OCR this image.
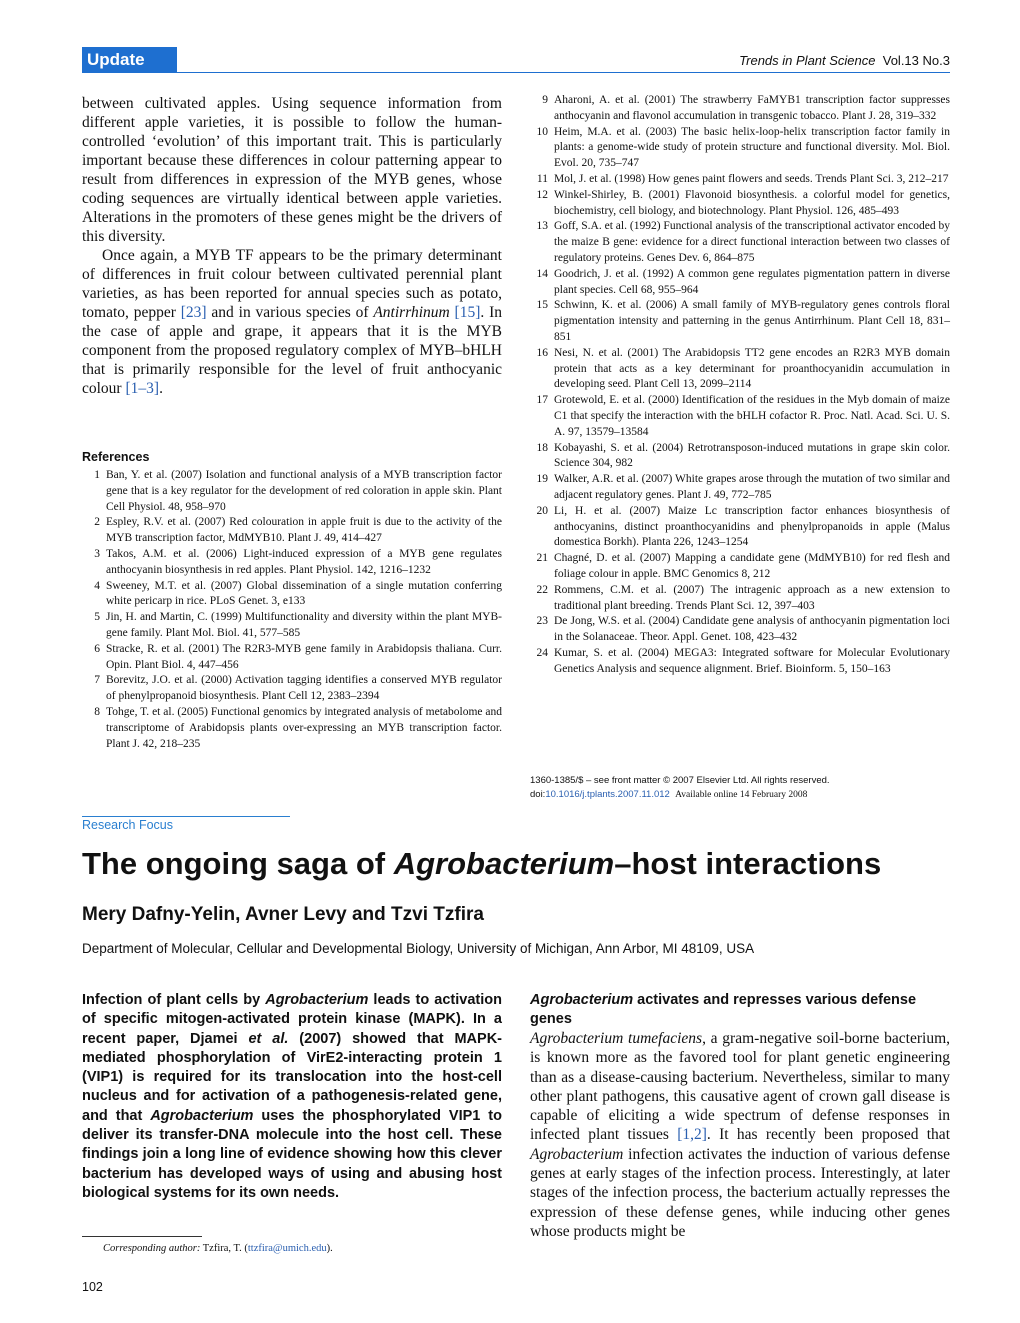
Update	Trends in Plant Science Vol.13 No.3

between cultivated apples. Using sequence information from different apple varieties, it is possible to follow the human-controlled ‘evolution’ of this important trait. This is particularly important because these differences in colour patterning appear to result from differences in expression of the MYB genes, whose coding sequences are virtually identical between apple varieties. Alterations in the promoters of these genes might be the drivers of this diversity.

Once again, a MYB TF appears to be the primary determinant of differences in fruit colour between cultivated perennial plant varieties, as has been reported for annual species such as potato, tomato, pepper [23] and in various species of Antirrhinum [15]. In the case of apple and grape, it appears that it is the MYB component from the proposed regulatory complex of MYB–bHLH that is primarily responsible for the level of fruit anthocyanic colour [1–3].

References
1 Ban, Y. et al. (2007) Isolation and functional analysis of a MYB transcription factor gene that is a key regulator for the development of red coloration in apple skin. Plant Cell Physiol. 48, 958–970
2 Espley, R.V. et al. (2007) Red colouration in apple fruit is due to the activity of the MYB transcription factor, MdMYB10. Plant J. 49, 414–427
3 Takos, A.M. et al. (2006) Light-induced expression of a MYB gene regulates anthocyanin biosynthesis in red apples. Plant Physiol. 142, 1216–1232
4 Sweeney, M.T. et al. (2007) Global dissemination of a single mutation conferring white pericarp in rice. PLoS Genet. 3, e133
5 Jin, H. and Martin, C. (1999) Multifunctionality and diversity within the plant MYB-gene family. Plant Mol. Biol. 41, 577–585
6 Stracke, R. et al. (2001) The R2R3-MYB gene family in Arabidopsis thaliana. Curr. Opin. Plant Biol. 4, 447–456
7 Borevitz, J.O. et al. (2000) Activation tagging identifies a conserved MYB regulator of phenylpropanoid biosynthesis. Plant Cell 12, 2383–2394
8 Tohge, T. et al. (2005) Functional genomics by integrated analysis of metabolome and transcriptome of Arabidopsis plants over-expressing an MYB transcription factor. Plant J. 42, 218–235
9 Aharoni, A. et al. (2001) The strawberry FaMYB1 transcription factor suppresses anthocyanin and flavonol accumulation in transgenic tobacco. Plant J. 28, 319–332
10 Heim, M.A. et al. (2003) The basic helix-loop-helix transcription factor family in plants: a genome-wide study of protein structure and functional diversity. Mol. Biol. Evol. 20, 735–747
11 Mol, J. et al. (1998) How genes paint flowers and seeds. Trends Plant Sci. 3, 212–217
12 Winkel-Shirley, B. (2001) Flavonoid biosynthesis. a colorful model for genetics, biochemistry, cell biology, and biotechnology. Plant Physiol. 126, 485–493
13 Goff, S.A. et al. (1992) Functional analysis of the transcriptional activator encoded by the maize B gene: evidence for a direct functional interaction between two classes of regulatory proteins. Genes Dev. 6, 864–875
14 Goodrich, J. et al. (1992) A common gene regulates pigmentation pattern in diverse plant species. Cell 68, 955–964
15 Schwinn, K. et al. (2006) A small family of MYB-regulatory genes controls floral pigmentation intensity and patterning in the genus Antirrhinum. Plant Cell 18, 831–851
16 Nesi, N. et al. (2001) The Arabidopsis TT2 gene encodes an R2R3 MYB domain protein that acts as a key determinant for proanthocyanidin accumulation in developing seed. Plant Cell 13, 2099–2114
17 Grotewold, E. et al. (2000) Identification of the residues in the Myb domain of maize C1 that specify the interaction with the bHLH cofactor R. Proc. Natl. Acad. Sci. U. S. A. 97, 13579–13584
18 Kobayashi, S. et al. (2004) Retrotransposon-induced mutations in grape skin color. Science 304, 982
19 Walker, A.R. et al. (2007) White grapes arose through the mutation of two similar and adjacent regulatory genes. Plant J. 49, 772–785
20 Li, H. et al. (2007) Maize Lc transcription factor enhances biosynthesis of anthocyanins, distinct proanthocyanidins and phenylpropanoids in apple (Malus domestica Borkh). Planta 226, 1243–1254
21 Chagné, D. et al. (2007) Mapping a candidate gene (MdMYB10) for red flesh and foliage colour in apple. BMC Genomics 8, 212
22 Rommens, C.M. et al. (2007) The intragenic approach as a new extension to traditional plant breeding. Trends Plant Sci. 12, 397–403
23 De Jong, W.S. et al. (2004) Candidate gene analysis of anthocyanin pigmentation loci in the Solanaceae. Theor. Appl. Genet. 108, 423–432
24 Kumar, S. et al. (2004) MEGA3: Integrated software for Molecular Evolutionary Genetics Analysis and sequence alignment. Brief. Bioinform. 5, 150–163
1360-1385/$ – see front matter © 2007 Elsevier Ltd. All rights reserved.
doi:10.1016/j.tplants.2007.11.012 Available online 14 February 2008
Research Focus
The ongoing saga of Agrobacterium–host interactions
Mery Dafny-Yelin, Avner Levy and Tzvi Tzfira
Department of Molecular, Cellular and Developmental Biology, University of Michigan, Ann Arbor, MI 48109, USA
Infection of plant cells by Agrobacterium leads to activation of specific mitogen-activated protein kinase (MAPK). In a recent paper, Djamei et al. (2007) showed that MAPK-mediated phosphorylation of VirE2-interacting protein 1 (VIP1) is required for its translocation into the host-cell nucleus and for activation of a pathogenesis-related gene, and that Agrobacterium uses the phosphorylated VIP1 to deliver its transfer-DNA molecule into the host cell. These findings join a long line of evidence showing how this clever bacterium has developed ways of using and abusing host biological systems for its own needs.
Agrobacterium activates and represses various defense genes
Agrobacterium tumefaciens, a gram-negative soil-borne bacterium, is known more as the favored tool for plant genetic engineering than as a disease-causing bacterium. Nevertheless, similar to many other plant pathogens, this causative agent of crown gall disease is capable of eliciting a wide spectrum of defense responses in infected plant tissues [1,2]. It has recently been proposed that Agrobacterium infection activates the induction of various defense genes at early stages of the infection process. Interestingly, at later stages of the infection process, the bacterium actually represses the expression of these defense genes, while inducing other genes whose products might be
Corresponding author: Tzfira, T. (ttzfira@umich.edu).
102
